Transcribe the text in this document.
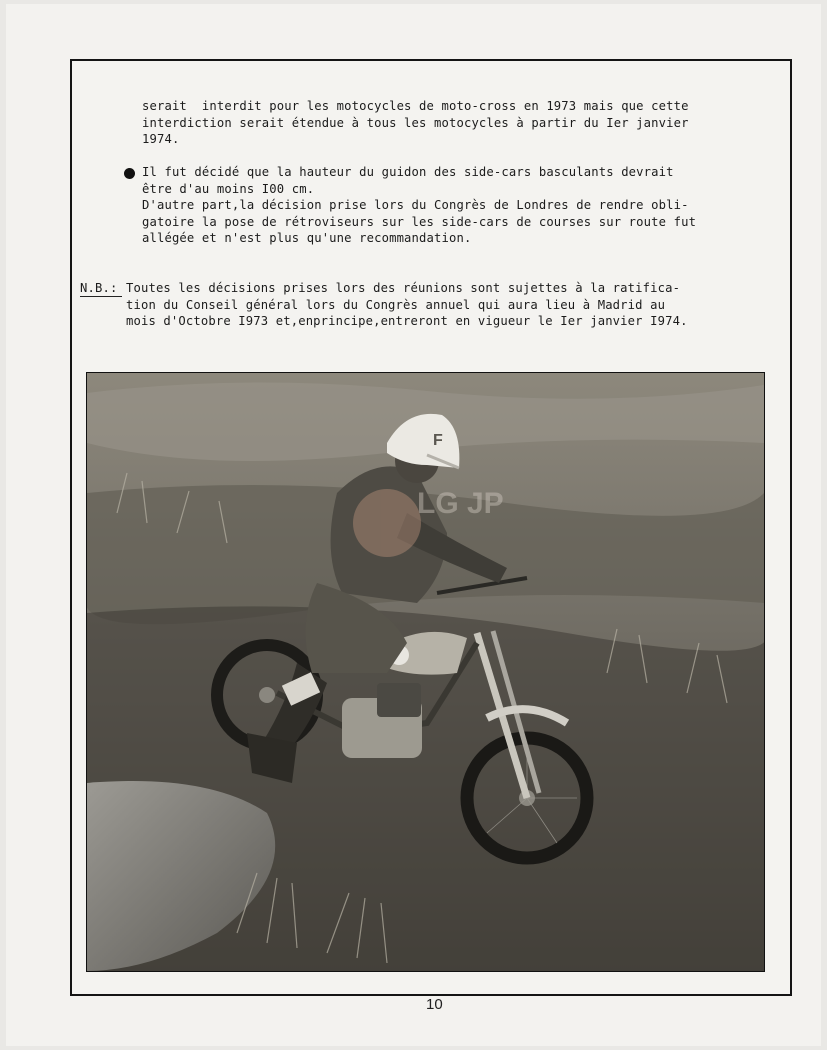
serait  interdit pour les motocycles de moto-cross en 1973 mais que cette
interdiction serait étendue à tous les motocycles à partir du Ier janvier
1974.

Il fut décidé que la hauteur du guidon des side-cars basculants devrait
être d'au moins I00 cm.
D'autre part,la décision prise lors du Congrès de Londres de rendre obli-
gatoire la pose de rétroviseurs sur les side-cars de courses sur route fut
allégée et n'est plus qu'une recommandation.

N.B.: Toutes les décisions prises lors des réunions sont sujettes à la ratifica-
tion du Conseil général lors du Congrès annuel qui aura lieu à Madrid au
mois d'Octobre I973 et,enprincipe,entreront en vigueur le Ier janvier I974.

F
LG JP
10
